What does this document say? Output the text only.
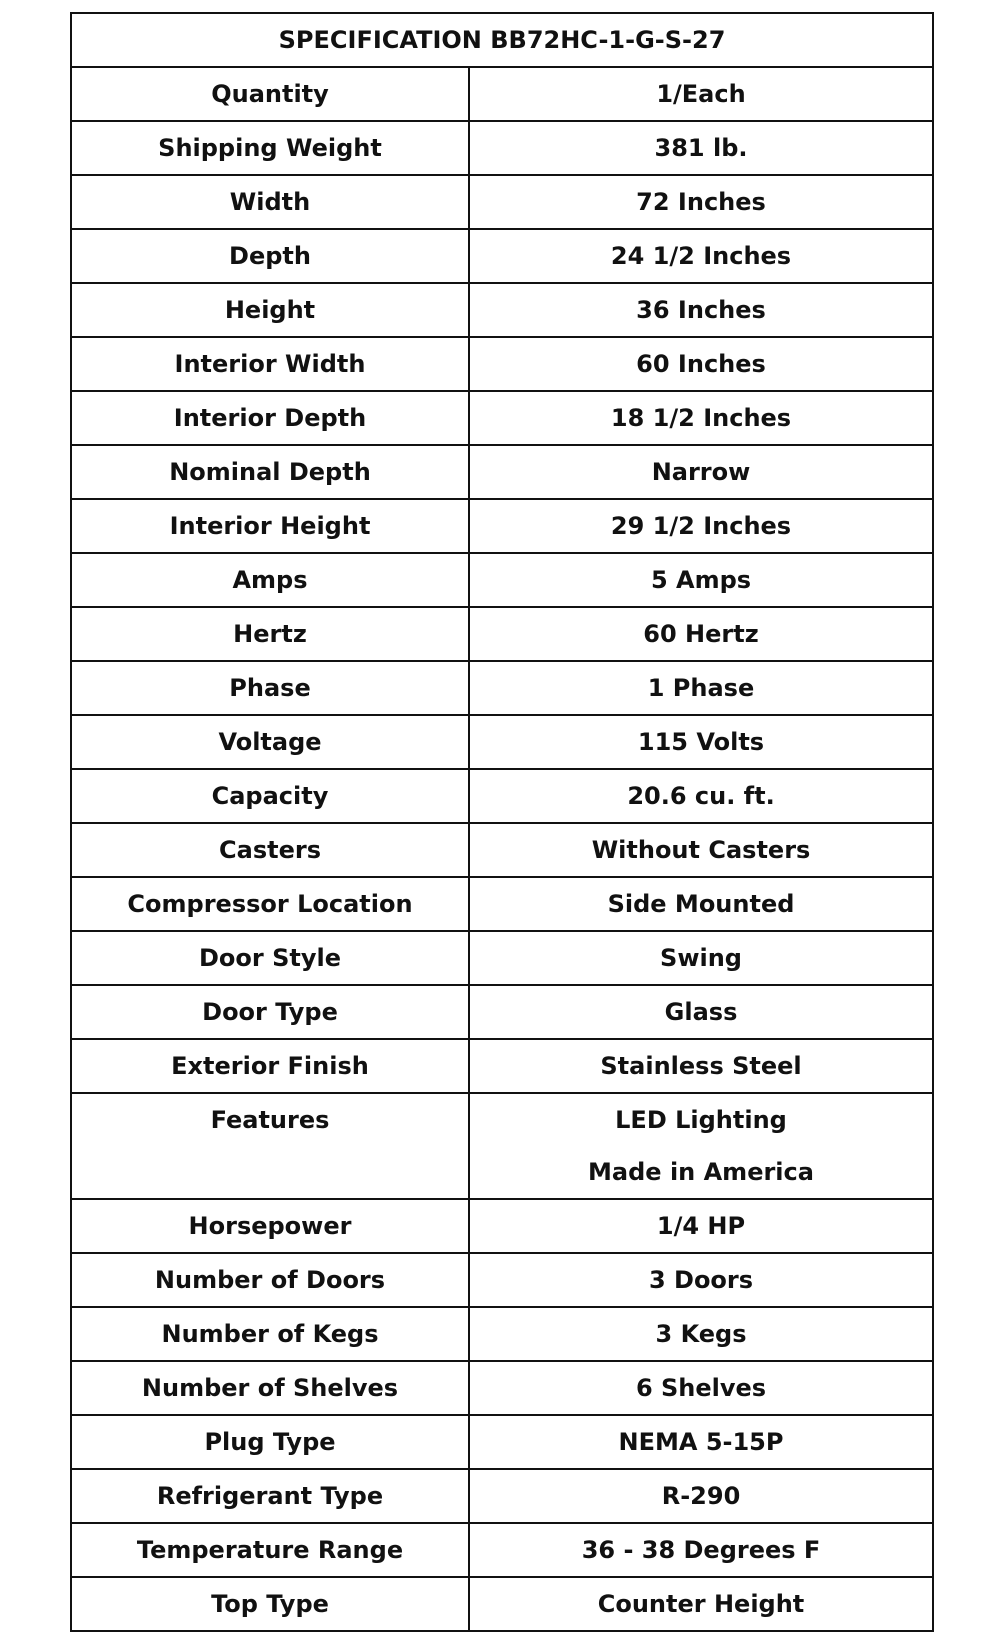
SPECIFICATION BB72HC-1-G-S-27	
Quantity	1/Each
Shipping Weight	381 lb.
Width	72 Inches
Depth	24 1/2 Inches
Height	36 Inches
Interior Width	60 Inches
Interior Depth	18 1/2 Inches
Nominal Depth	Narrow
Interior Height	29 1/2 Inches
Amps	5 Amps
Hertz	60 Hertz
Phase	1 Phase
Voltage	115 Volts
Capacity	20.6 cu. ft.
Casters	Without Casters
Compressor Location	Side Mounted
Door Style	Swing
Door Type	Glass
Exterior Finish	Stainless Steel
Features	LED Lighting
Made in America

Horsepower	1/4 HP
Number of Doors	3 Doors
Number of Kegs	3 Kegs
Number of Shelves	6 Shelves
Plug Type	NEMA 5-15P
Refrigerant Type	R-290
Temperature Range	36 - 38 Degrees F
Top Type	Counter Height
